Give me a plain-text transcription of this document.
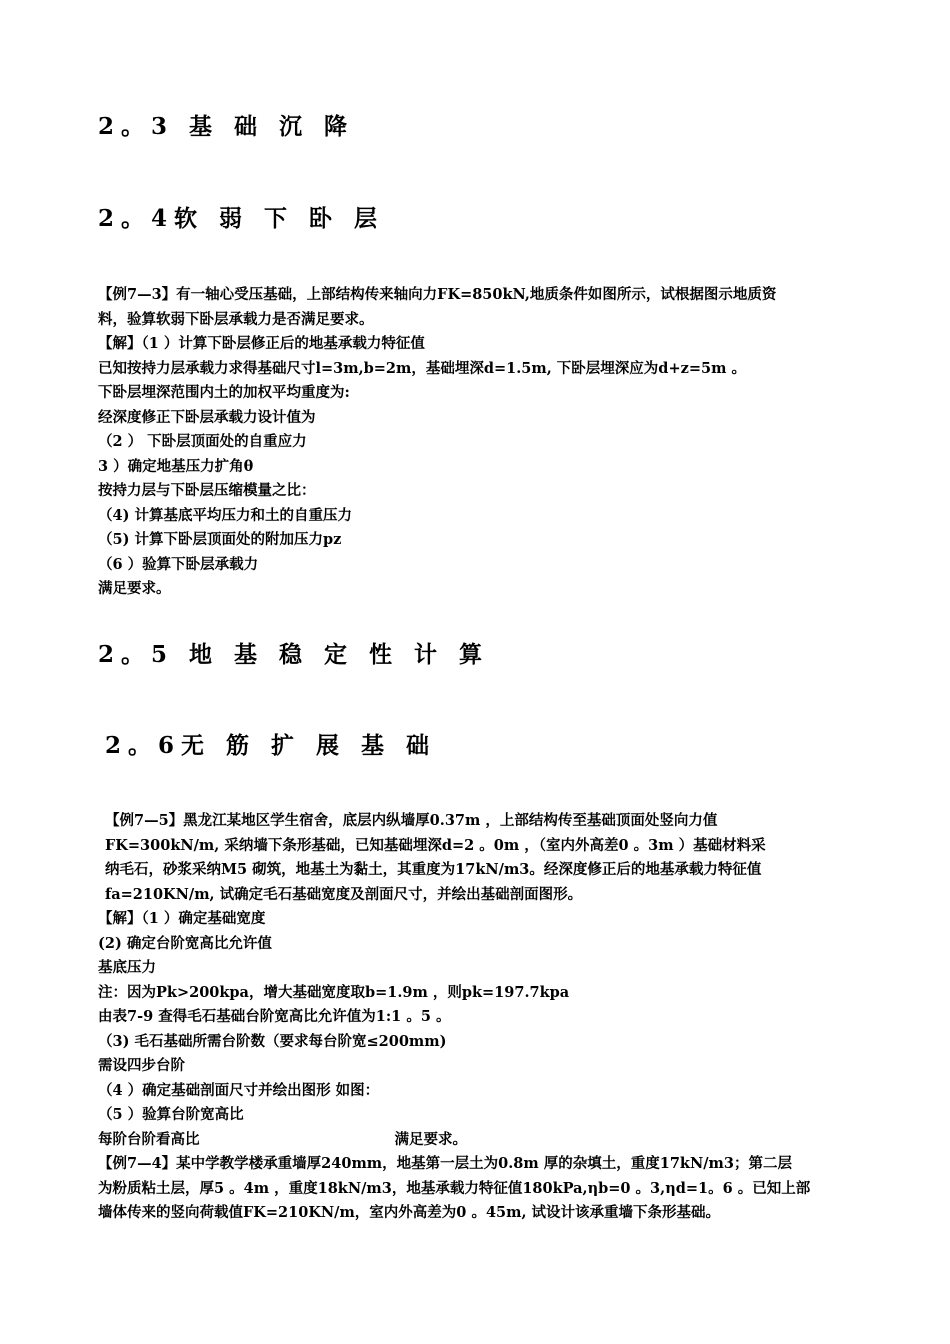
2。3 基 础 沉 降
2。4软 弱 下 卧 层
【例7—3】有一轴心受压基础，上部结构传来轴向力FK=850kN,地质条件如图所示，试根据图示地质资
料，验算软弱下卧层承载力是否满足要求。
【解】（1 ）计算下卧层修正后的地基承载力特征值
已知按持力层承载力求得基础尺寸l=3m,b=2m，基础埋深d=1.5m, 下卧层埋深应为d+z=5m 。
下卧层埋深范围内土的加权平均重度为:
经深度修正下卧层承载力设计值为
（2 ） 下卧层顶面处的自重应力
3 ）确定地基压力扩角θ
按持力层与下卧层压缩模量之比：
（4) 计算基底平均压力和土的自重压力
（5) 计算下卧层顶面处的附加压力pz
（6 ）验算下卧层承载力
满足要求。
2。5 地 基 稳 定 性 计 算
2。6无 筋 扩 展 基 础
【例7—5】黑龙江某地区学生宿舍，底层内纵墙厚0.37m ，上部结构传至基础顶面处竖向力值
FK=300kN/m, 采纳墙下条形基础，已知基础埋深d=2 。0m ，（室内外高差0 。3m ）基础材料采
纳毛石，砂浆采纳M5 砌筑，地基土为黏土，其重度为17kN/m3。经深度修正后的地基承载力特征值
fa=210KN/m, 试确定毛石基础宽度及剖面尺寸，并绘出基础剖面图形。
【解】（1 ）确定基础宽度
(2) 确定台阶宽高比允许值
基底压力
注：因为Pk>200kpa，增大基础宽度取b=1.9m ，则pk=197.7kpa
由表7-9 查得毛石基础台阶宽高比允许值为1:1 。5 。
（3) 毛石基础所需台阶数（要求每台阶宽≤200mm)
需设四步台阶
（4 ）确定基础剖面尺寸并绘出图形 如图：
（5 ）验算台阶宽高比
每阶台阶看高比	满足要求。
【例7—4】某中学教学楼承重墙厚240mm，地基第一层土为0.8m 厚的杂填土，重度17kN/m3；第二层
为粉质粘土层，厚5 。4m ，重度18kN/m3，地基承载力特征值180kPa,ηb=0 。3,ηd=1。6 。已知上部
墙体传来的竖向荷载值FK=210KN/m，室内外高差为0 。45m, 试设计该承重墙下条形基础。
